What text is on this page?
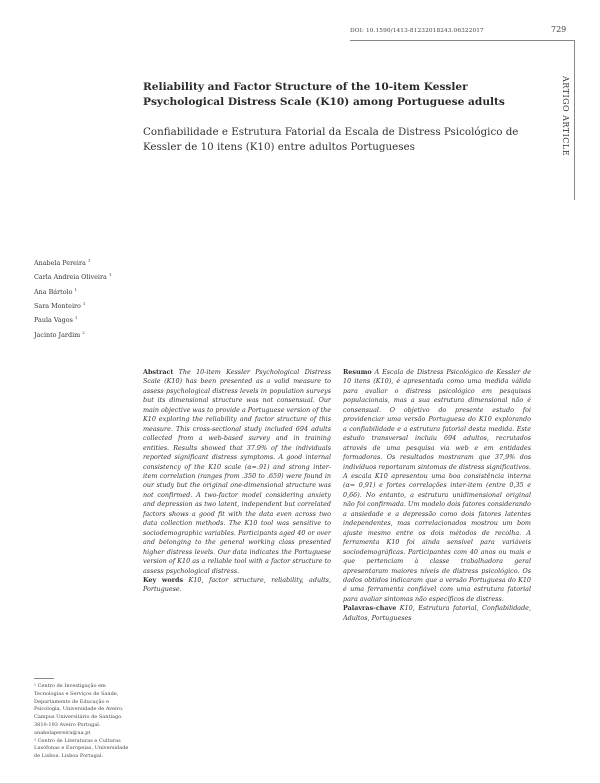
DOI: 10.1590/1413-81232018243.06322017	729
ARTIGO ARTICLE
Reliability and Factor Structure of the 10-item Kessler Psychological Distress Scale (K10) among Portuguese adults
Confiabilidade e Estrutura Fatorial da Escala de Distress Psicológico de Kessler de 10 itens (K10) entre adultos Portugueses
Anabela Pereira $^1$
Carla Andreia Oliveira $^1$
Ana Bártolo $^1$
Sara Monteiro $^1$
Paula Vagos $^1$
Jacinto Jardim $^2$

¹ Centro de Investigação em Tecnologias e Serviços de Saúde, Departamento de Educação e Psicologia, Universidade de Aveiro. Campus Universitário de Santiago. 3810-193 Aveiro Portugal. anabelapereira@ua.pt

² Centro de Literaturas e Culturas Lusófonas e Europeias, Universidade de Lisboa. Lisboa Portugal.

Abstract The 10-item Kessler Psychological Distress Scale (K10) has been presented as a valid measure to assess psychological distress levels in population surveys but its dimensional structure was not consensual. Our main objective was to provide a Portuguese version of the K10 exploring the reliability and factor structure of this measure. This cross-sectional study included 694 adults collected from a web-based survey and in training entities. Results showed that 37.9% of the individuals reported significant distress symptoms. A good internal consistency of the K10 scale (α=.91) and strong inter-item correlation (ranges from .350 to .659) were found in our study but the original one-dimensional structure was not confirmed. A two-factor model considering anxiety and depression as two latent, independent but correlated factors shows a good fit with the data even across two data collection methods. The K10 tool was sensitive to sociodemographic variables. Participants aged 40 or over and belonging to the general working class presented higher distress levels. Our data indicates the Portuguese version of K10 as a reliable tool with a factor structure to assess psychological distress.

Key words K10, factor structure, reliability, adults, Portuguese.

Resumo A Escala de Distress Psicológico de Kessler de 10 itens (K10), é apresentada como uma medida válida para avaliar o distress psicológico em pesquisas populacionais, mas a sua estrutura dimensional não é consensual. O objetivo do presente estudo foi providenciar uma versão Portuguesa do K10 explorando a confiabilidade e a estrutura fatorial desta medida. Este estudo transversal incluiu 694 adultos, recrutados através de uma pesquisa via web e em entidades formadoras. Os resultados mostraram que 37,9% dos indivíduos reportaram sintomas de distress significativos. A escala K10 apresentou uma boa consistência interna (α= 0,91) e fortes correlações inter-item (entre 0,35 e 0,66). No entanto, a estrutura unidimensional original não foi confirmada. Um modelo dois fatores considerando a ansiedade e a depressão como dois fatores latentes independentes, mas correlacionados mostrou um bom ajuste mesmo entre os dois métodos de recolha. A ferramenta K10 foi ainda sensível para variáveis sociodemográficas. Participantes com 40 anos ou mais e que pertenciam à classe trabalhadora geral apresentaram maiores níveis de distress psicológico. Os dados obtidos indicaram que a versão Portuguesa do K10 é uma ferramenta confiável com uma estrutura fatorial para avaliar sintomas não específicos de distress.

Palavras-chave K10, Estrutura fatorial, Confiabilidade, Adultos, Portugueses
